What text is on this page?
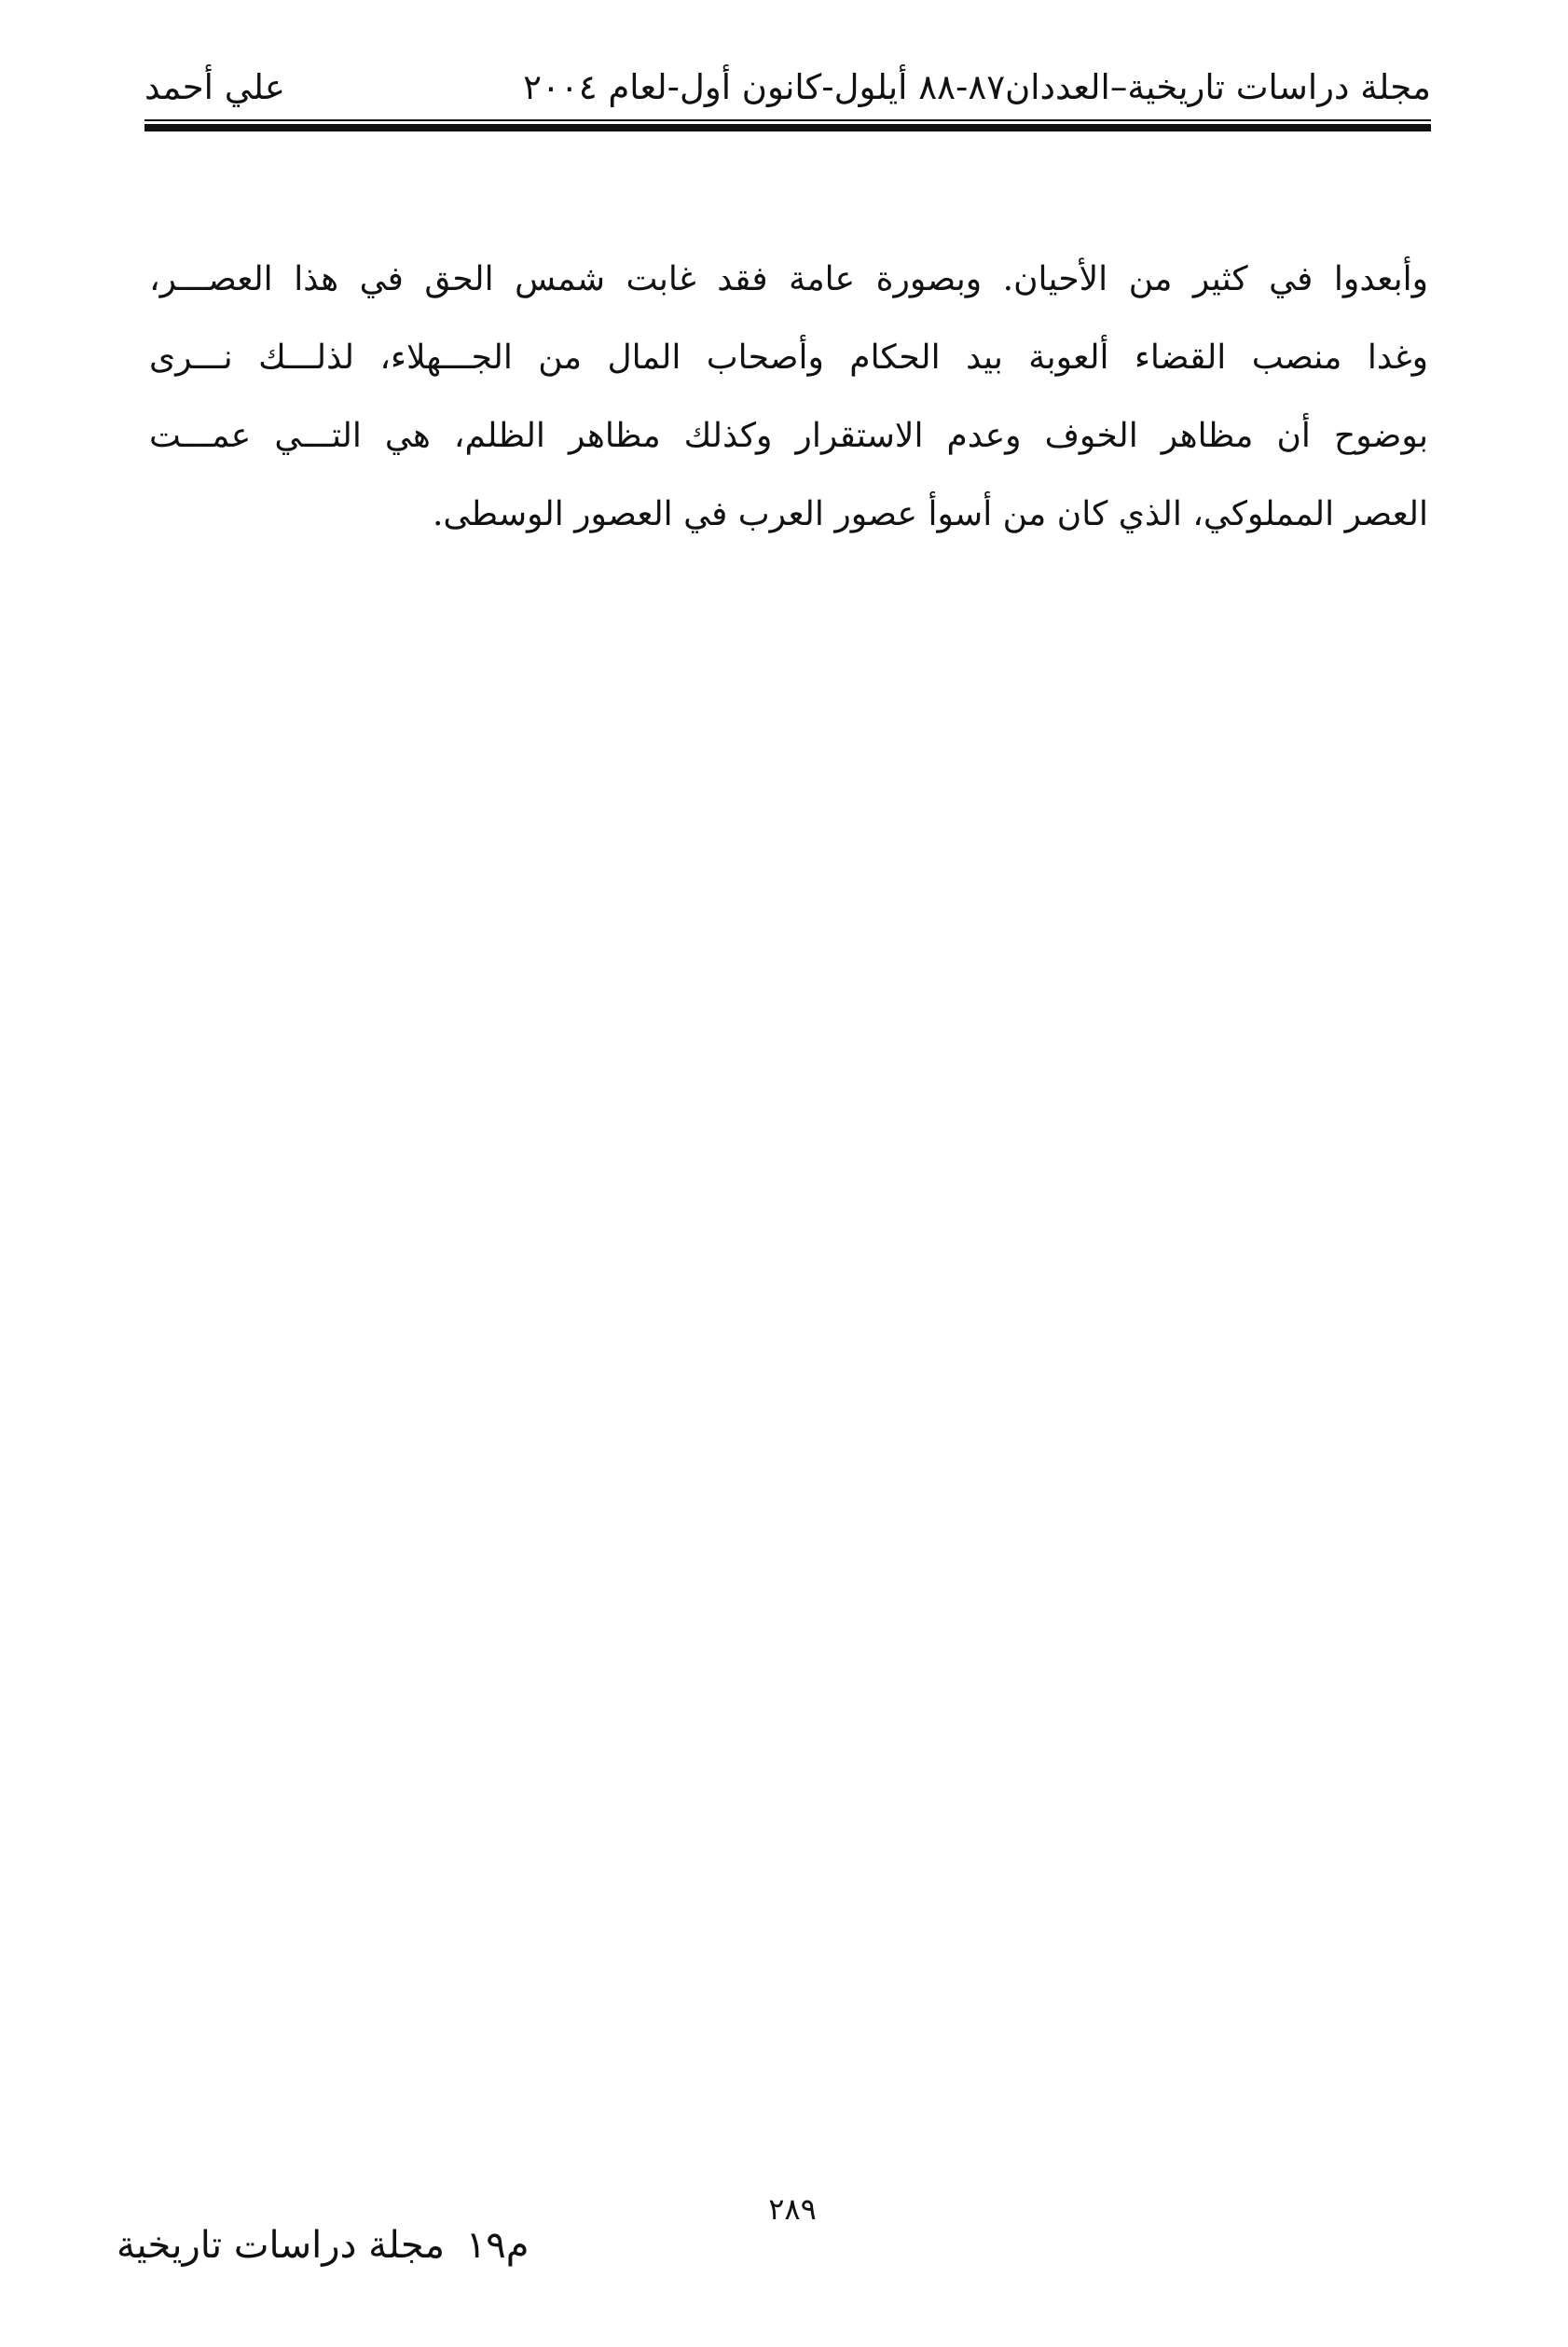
مجلة دراسات تاريخية–العددان٨٧-٨٨ أيلول-كانون أول-لعام ٢٠٠٤
علي أحمد
وأبعدوا في كثير من الأحيان. وبصورة عامة فقد غابت شمس الحق في هذا العصـــر،
وغدا منصب القضاء ألعوبة بيد الحكام وأصحاب المال من الجـــهلاء، لذلـــك نـــرى
بوضوح أن مظاهر الخوف وعدم الاستقرار وكذلك مظاهر الظلم، هي التـــي عمـــت
العصر المملوكي، الذي كان من أسوأ عصور العرب في العصور الوسطى.
٢٨٩
م١٩ مجلة دراسات تاريخية
